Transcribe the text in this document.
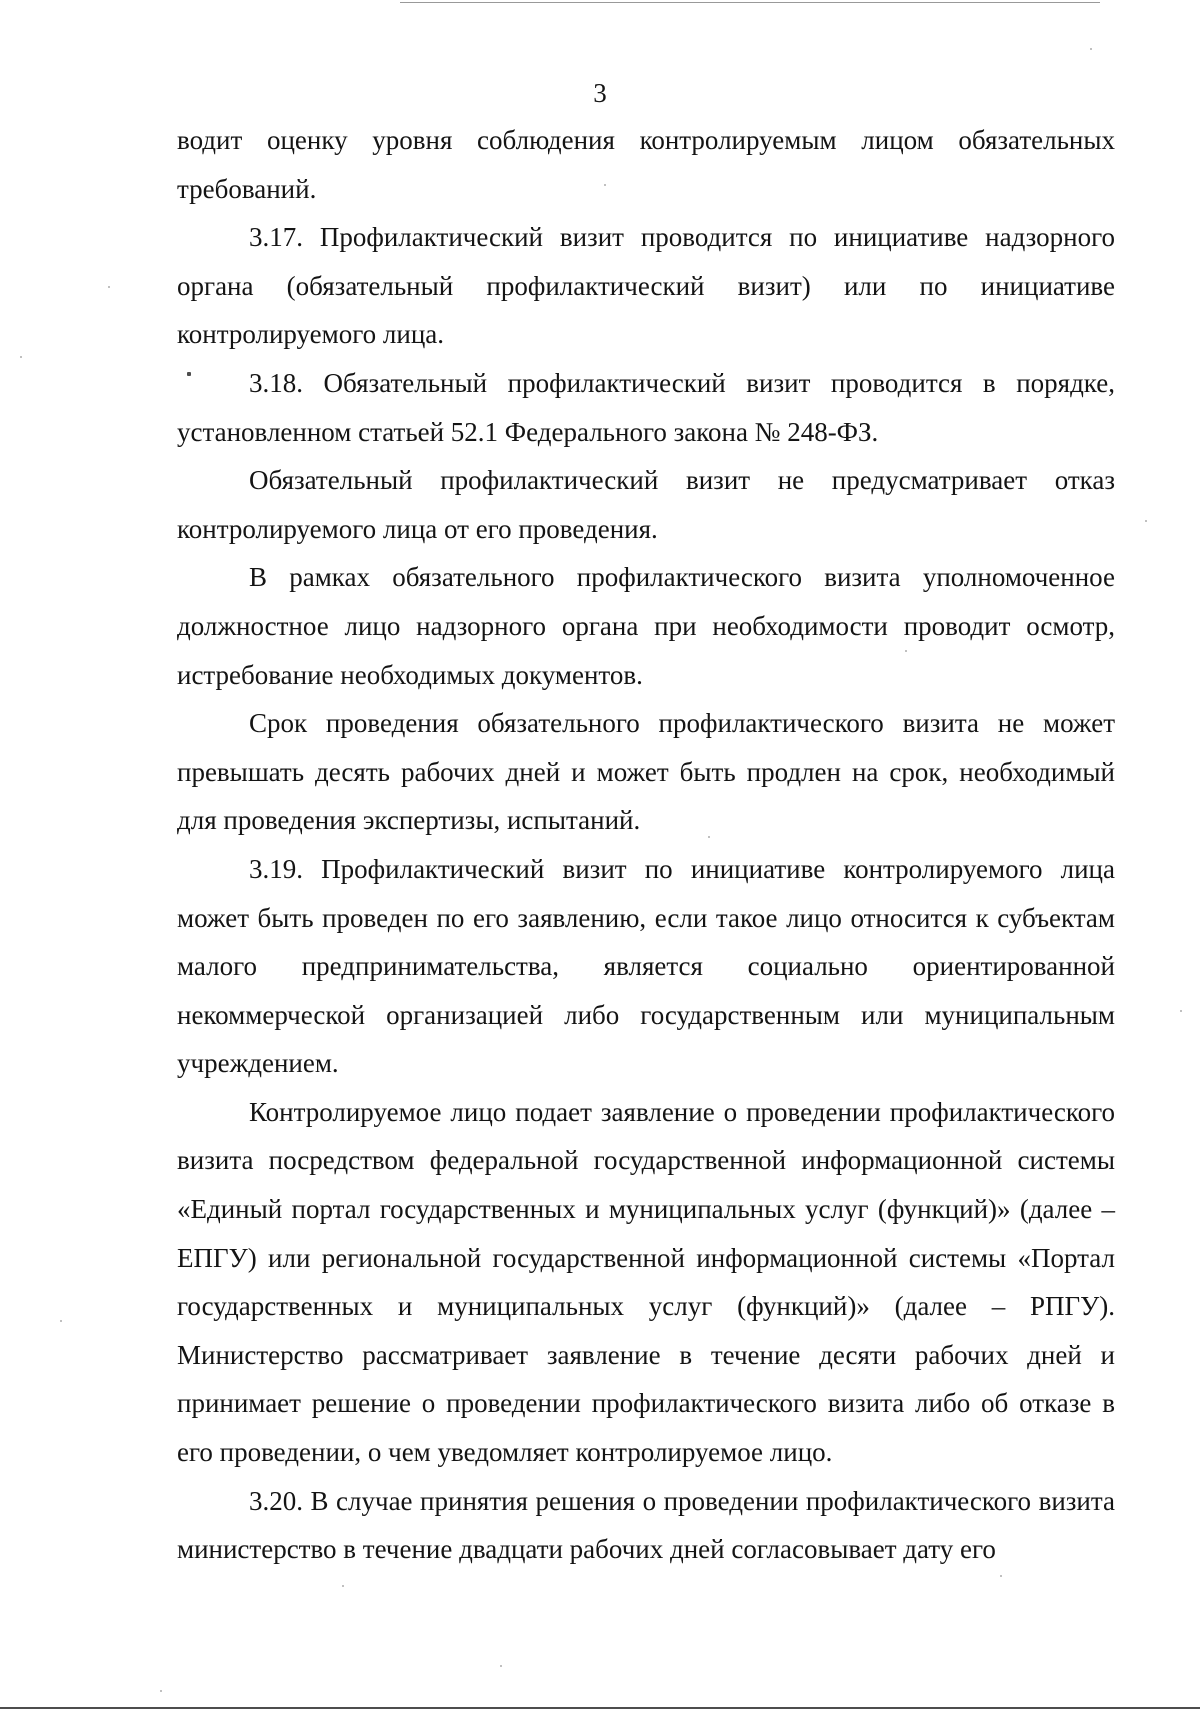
3

водит оценку уровня соблюдения контролируемым лицом обязательных требований.

3.17. Профилактический визит проводится по инициативе надзорного органа (обязательный профилактический визит) или по инициативе контролируемого лица.

3.18. Обязательный профилактический визит проводится в порядке, установленном статьей 52.1 Федерального закона № 248-ФЗ.

Обязательный профилактический визит не предусматривает отказ контролируемого лица от его проведения.

В рамках обязательного профилактического визита уполномоченное должностное лицо надзорного органа при необходимости проводит осмотр, истребование необходимых документов.

Срок проведения обязательного профилактического визита не может превышать десять рабочих дней и может быть продлен на срок, необходимый для проведения экспертизы, испытаний.

3.19. Профилактический визит по инициативе контролируемого лица может быть проведен по его заявлению, если такое лицо относится к субъектам малого предпринимательства, является социально ориентированной некоммерческой организацией либо государственным или муниципальным учреждением.

Контролируемое лицо подает заявление о проведении профилактического визита посредством федеральной государственной информационной системы «Единый портал государственных и муниципальных услуг (функций)» (далее – ЕПГУ) или региональной государственной информационной системы «Портал государственных и муниципальных услуг (функций)» (далее – РПГУ). Министерство рассматривает заявление в течение десяти рабочих дней и принимает решение о проведении профилактического визита либо об отказе в его проведении, о чем уведомляет контролируемое лицо.

3.20. В случае принятия решения о проведении профилактического визита министерство в течение двадцати рабочих дней согласовывает дату его
